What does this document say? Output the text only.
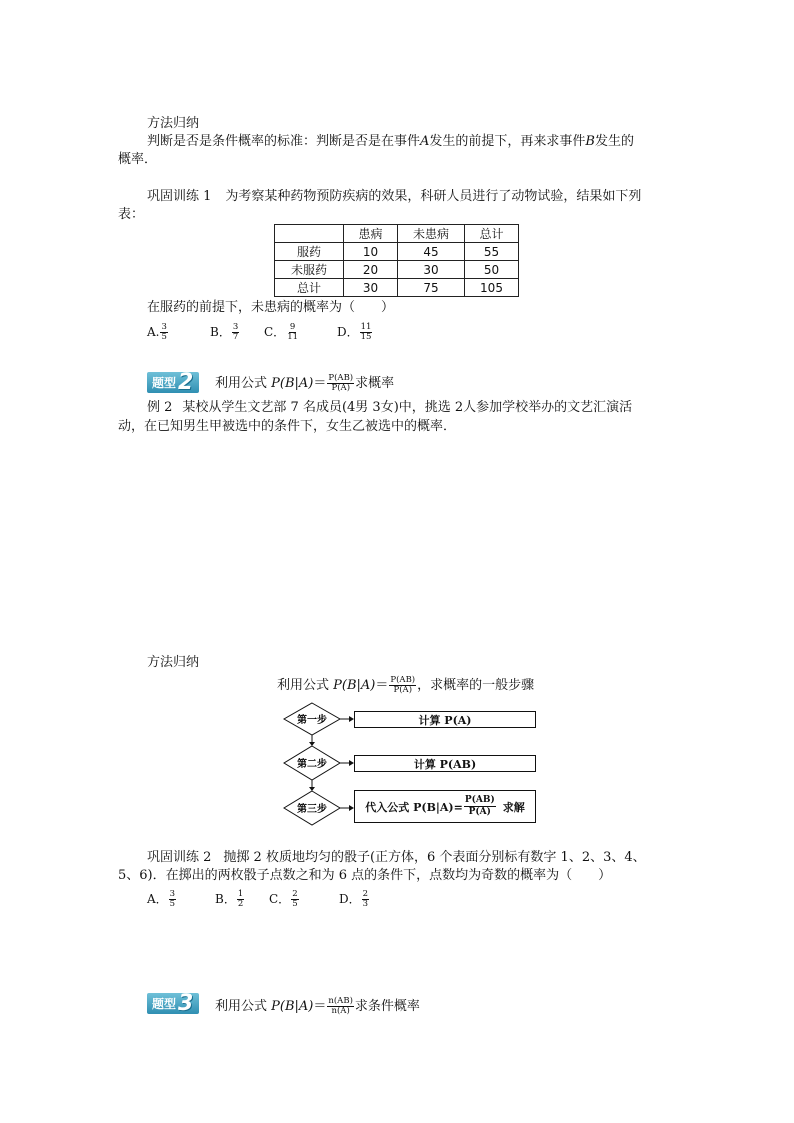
方法归纳
判断是否是条件概率的标准：判断是否是在事件A发生的前提下，再来求事件B发生的
概率．
巩固训练 1 为考察某种药物预防疾病的效果，科研人员进行了动物试验，结果如下列
表：
	患病	未患病	总计
服药	10	45	55
未服药	20	30	50
总计	30	75	105
在服药的前提下，未患病的概率为（　　）
A. $\frac{3}{5}$	B． $\frac{3}{7}$ C． $\frac{9}{11}$	D． $\frac{11}{15}$
题型 2 利用公式 $P(B|A)= \frac{P(AB)}{P(A)}$ 求概率
例 2 某校从学生文艺部 7 名成员(4男 3女)中，挑选 2人参加学校举办的文艺汇演活
动，在已知男生甲被选中的条件下，女生乙被选中的概率．
方法归纳
利用公式 $P(B|A)= \frac{P(AB)}{P(A)}$ ，求概率的一般步骤
第一步
第二步
第三步
计算 P(A)
计算 P(AB)
代入公式 $P(B|A)= \frac{P(AB)}{P(A)}$ 求解
巩固训练 2 抛掷 2 枚质地均匀的骰子(正方体，6 个表面分别标有数字 1、2、3、4、
5、6)．在掷出的两枚骰子点数之和为 6 点的条件下，点数均为奇数的概率为（　　）
A． $\frac{3}{5}$	B． $\frac{1}{2}$ C． $\frac{2}{5}$	D． $\frac{2}{3}$
题型 3 利用公式 $P(B|A)= \frac{n(AB)}{n(A)}$ 求条件概率
